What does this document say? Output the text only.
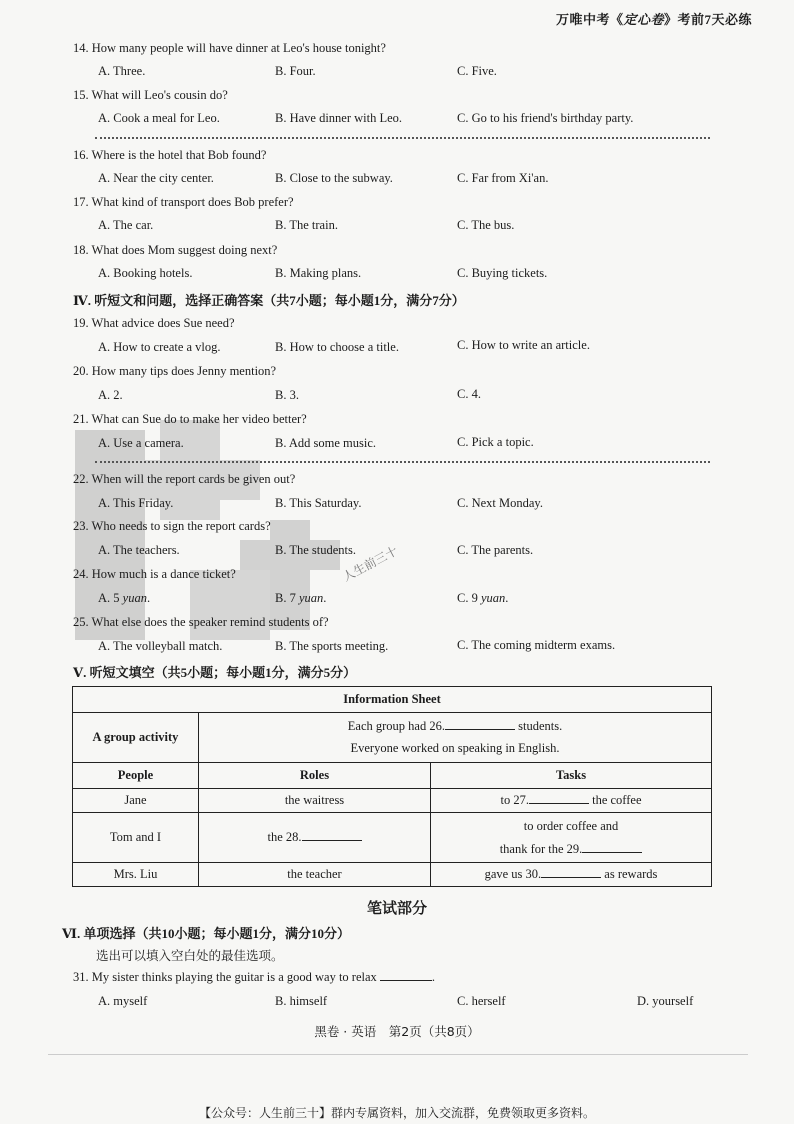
万唯中考《定心卷》考前7天必练
人生前三十
14. How many people will have dinner at Leo's house tonight?
A. Three.	B. Four.	C. Five.
15. What will Leo's cousin do?
A. Cook a meal for Leo.	B. Have dinner with Leo.	C. Go to his friend's birthday party.
16. Where is the hotel that Bob found?
A. Near the city center.	B. Close to the subway.	C. Far from Xi'an.
17. What kind of transport does Bob prefer?
A. The car.	B. The train.	C. The bus.
18. What does Mom suggest doing next?
A. Booking hotels.	B. Making plans.	C. Buying tickets.
Ⅳ. 听短文和问题，选择正确答案（共7小题；每小题1分，满分7分）
19. What advice does Sue need?
A. How to create a vlog.	B. How to choose a title.	C. How to write an article.
20. How many tips does Jenny mention?
A. 2.	B. 3.	C. 4.
21. What can Sue do to make her video better?
A. Use a camera.	B. Add some music.	C. Pick a topic.
22. When will the report cards be given out?
A. This Friday.	B. This Saturday.	C. Next Monday.
23. Who needs to sign the report cards?
A. The teachers.	B. The students.	C. The parents.
24. How much is a dance ticket?
A. 5 yuan.	B. 7 yuan.	C. 9 yuan.
25. What else does the speaker remind students of?
A. The volleyball match.	B. The sports meeting.	C. The coming midterm exams.
Ⅴ. 听短文填空（共5小题；每小题1分，满分5分）
Information Sheet		
A group activity	Each group had 26. students.
Everyone worked on speaking in English.	

People	Roles	Tasks
Jane	the waitress	to 27. the coffee
Tom and I	the 28.	to order coffee and
thank for the 29.

Mrs. Liu	the teacher	gave us 30. as rewards
笔试部分
Ⅵ. 单项选择（共10小题；每小题1分，满分10分）
选出可以填入空白处的最佳选项。
31. My sister thinks playing the guitar is a good way to relax	.
A. myself	B. himself	C. herself	D. yourself
黑卷 · 英语　第2页（共8页）
【公众号：人生前三十】群内专属资料，加入交流群，免费领取更多资料。
